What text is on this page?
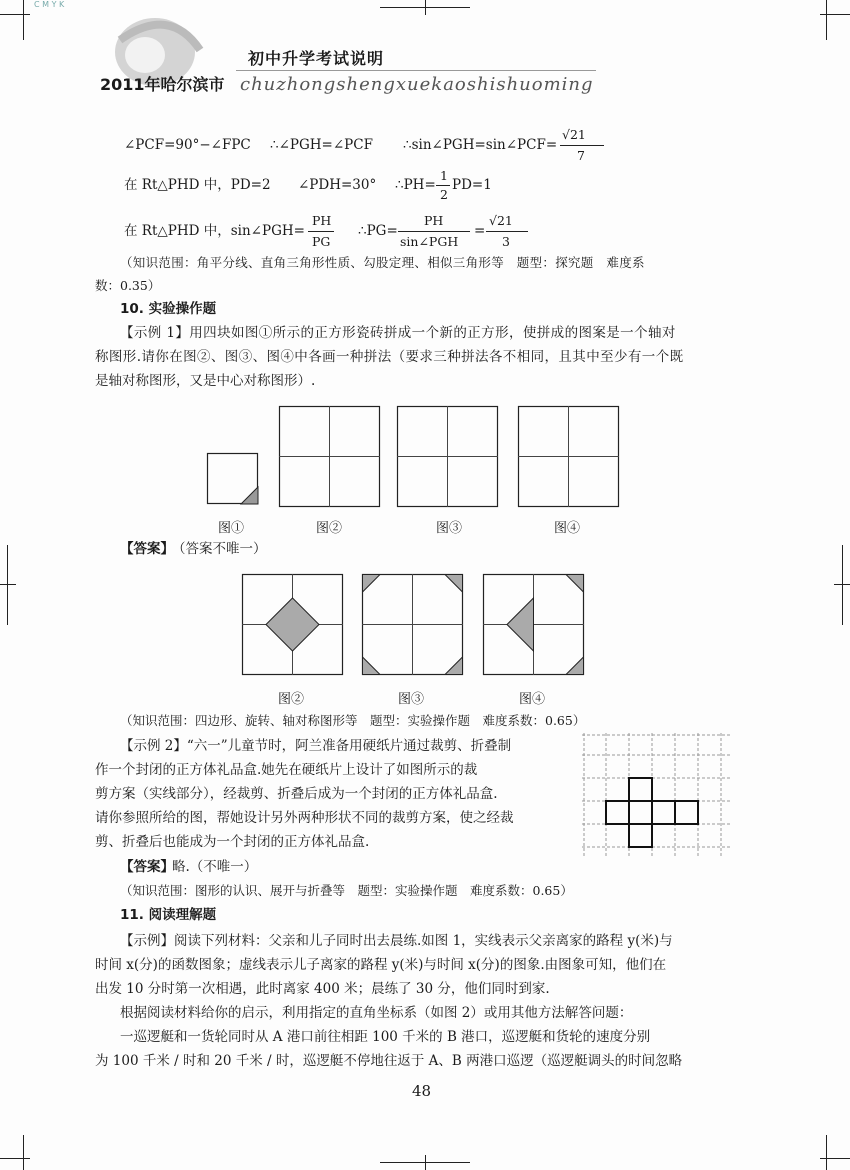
C M Y K
2011年哈尔滨市
初中升学考试说明
chuzhongshengxuekaoshishuoming
∠PCF=90°−∠FPC ∴∠PGH=∠PCF ∴sin∠PGH=sin∠PCF=
√21
7
在 Rt△PHD 中，PD=2 ∠PDH=30° ∴PH=
1
2
PD=1
在 Rt△PHD 中，sin∠PGH=
PH
PG
∴PG=
PH
sin∠PGH
=
√21
3
（知识范围：角平分线、直角三角形性质、勾股定理、相似三角形等　题型：探究题　难度系
数：0.35）
10. 实验操作题
【示例 1】用四块如图①所示的正方形瓷砖拼成一个新的正方形，使拼成的图案是一个轴对
称图形.请你在图②、图③、图④中各画一种拼法（要求三种拼法各不相同，且其中至少有一个既
是轴对称图形，又是中心对称图形）.
图①	图②	图③	图④
【答案】
（答案不唯一）
图②	图③	图④
（知识范围：四边形、旋转、轴对称图形等　题型：实验操作题　难度系数：0.65）
【示例 2】“六一”儿童节时，阿兰准备用硬纸片通过裁剪、折叠制
作一个封闭的正方体礼品盒.她先在硬纸片上设计了如图所示的裁
剪方案（实线部分），经裁剪、折叠后成为一个封闭的正方体礼品盒.
请你参照所给的图，帮她设计另外两种形状不同的裁剪方案，使之经裁
剪、折叠后也能成为一个封闭的正方体礼品盒.
【答案】
略.（不唯一）
（知识范围：图形的认识、展开与折叠等　题型：实验操作题　难度系数：0.65）
11. 阅读理解题
【示例】阅读下列材料：父亲和儿子同时出去晨练.如图 1，实线表示父亲离家的路程 y(米)与
时间 x(分)的函数图象；虚线表示儿子离家的路程 y(米)与时间 x(分)的图象.由图象可知，他们在
出发 10 分时第一次相遇，此时离家 400 米；晨练了 30 分，他们同时到家.
根据阅读材料给你的启示，利用指定的直角坐标系（如图 2）或用其他方法解答问题：
一巡逻艇和一货轮同时从 A 港口前往相距 100 千米的 B 港口，巡逻艇和货轮的速度分别
为 100 千米 / 时和 20 千米 / 时，巡逻艇不停地往返于 A、B 两港口巡逻（巡逻艇调头的时间忽略
48
